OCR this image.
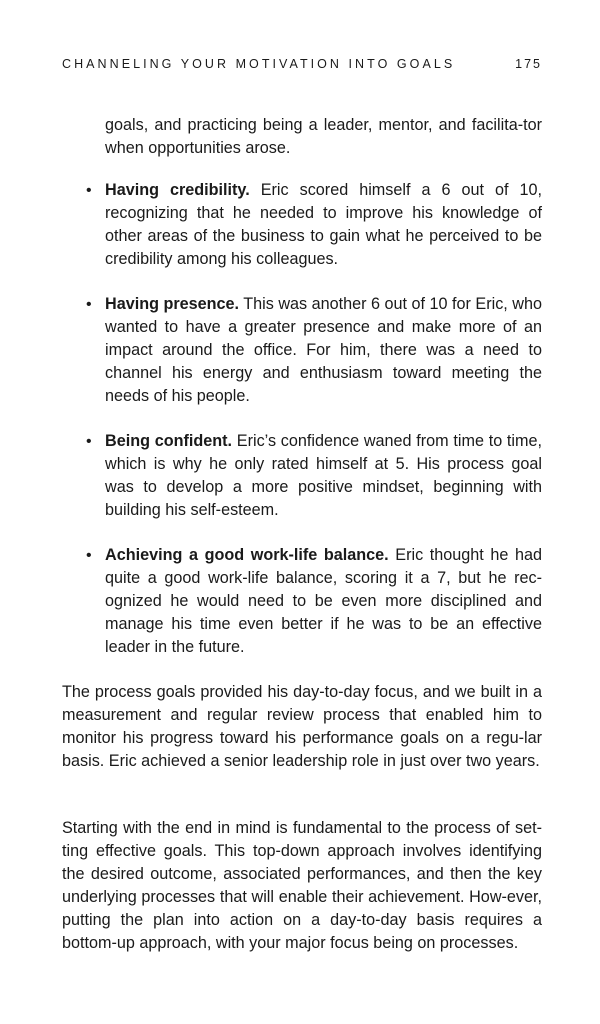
CHANNELING YOUR MOTIVATION INTO GOALS	175

goals, and practicing being a leader, mentor, and facilita-tor when opportunities arose.

• Having credibility. Eric scored himself a 6 out of 10, recognizing that he needed to improve his knowledge of other areas of the business to gain what he perceived to be credibility among his colleagues.

• Having presence. This was another 6 out of 10 for Eric, who wanted to have a greater presence and make more of an impact around the office. For him, there was a need to channel his energy and enthusiasm toward meeting the needs of his people.

• Being confident. Eric’s confidence waned from time to time, which is why he only rated himself at 5. His process goal was to develop a more positive mindset, beginning with building his self-esteem.

• Achieving a good work-life balance. Eric thought he had quite a good work-life balance, scoring it a 7, but he rec-ognized he would need to be even more disciplined and manage his time even better if he was to be an effective leader in the future.

The process goals provided his day-to-day focus, and we built in a measurement and regular review process that enabled him to monitor his progress toward his performance goals on a regu-lar basis. Eric achieved a senior leadership role in just over two years.

Starting with the end in mind is fundamental to the process of set-ting effective goals. This top-down approach involves identifying the desired outcome, associated performances, and then the key underlying processes that will enable their achievement. How-ever, putting the plan into action on a day-to-day basis requires a bottom-up approach, with your major focus being on processes.
